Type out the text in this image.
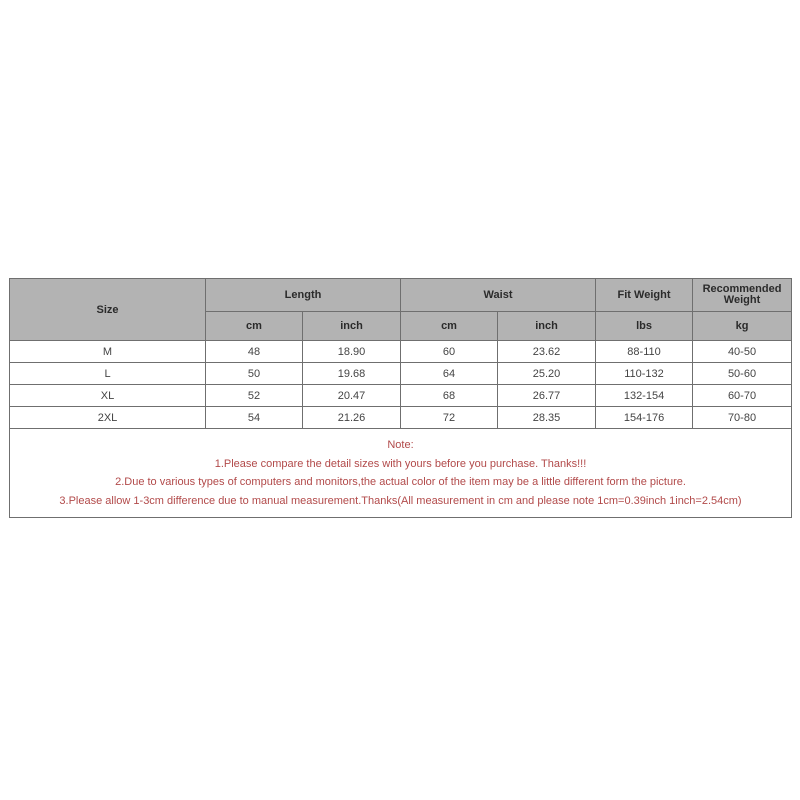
Size	Length		Waist		Fit Weight	Recommended Weight
	cm	inch	cm	inch	lbs	kg
M	48	18.90	60	23.62	88-110	40-50
L	50	19.68	64	25.20	110-132	50-60
XL	52	20.47	68	26.77	132-154	60-70
2XL	54	21.26	72	28.35	154-176	70-80

Note:
1.Please compare the detail sizes with yours before you purchase. Thanks!!!
2.Due to various types of computers and monitors,the actual color of the item may be a little different form the picture.
3.Please allow 1-3cm difference due to manual measurement.Thanks(All measurement in cm and please note 1cm=0.39inch 1inch=2.54cm)						
